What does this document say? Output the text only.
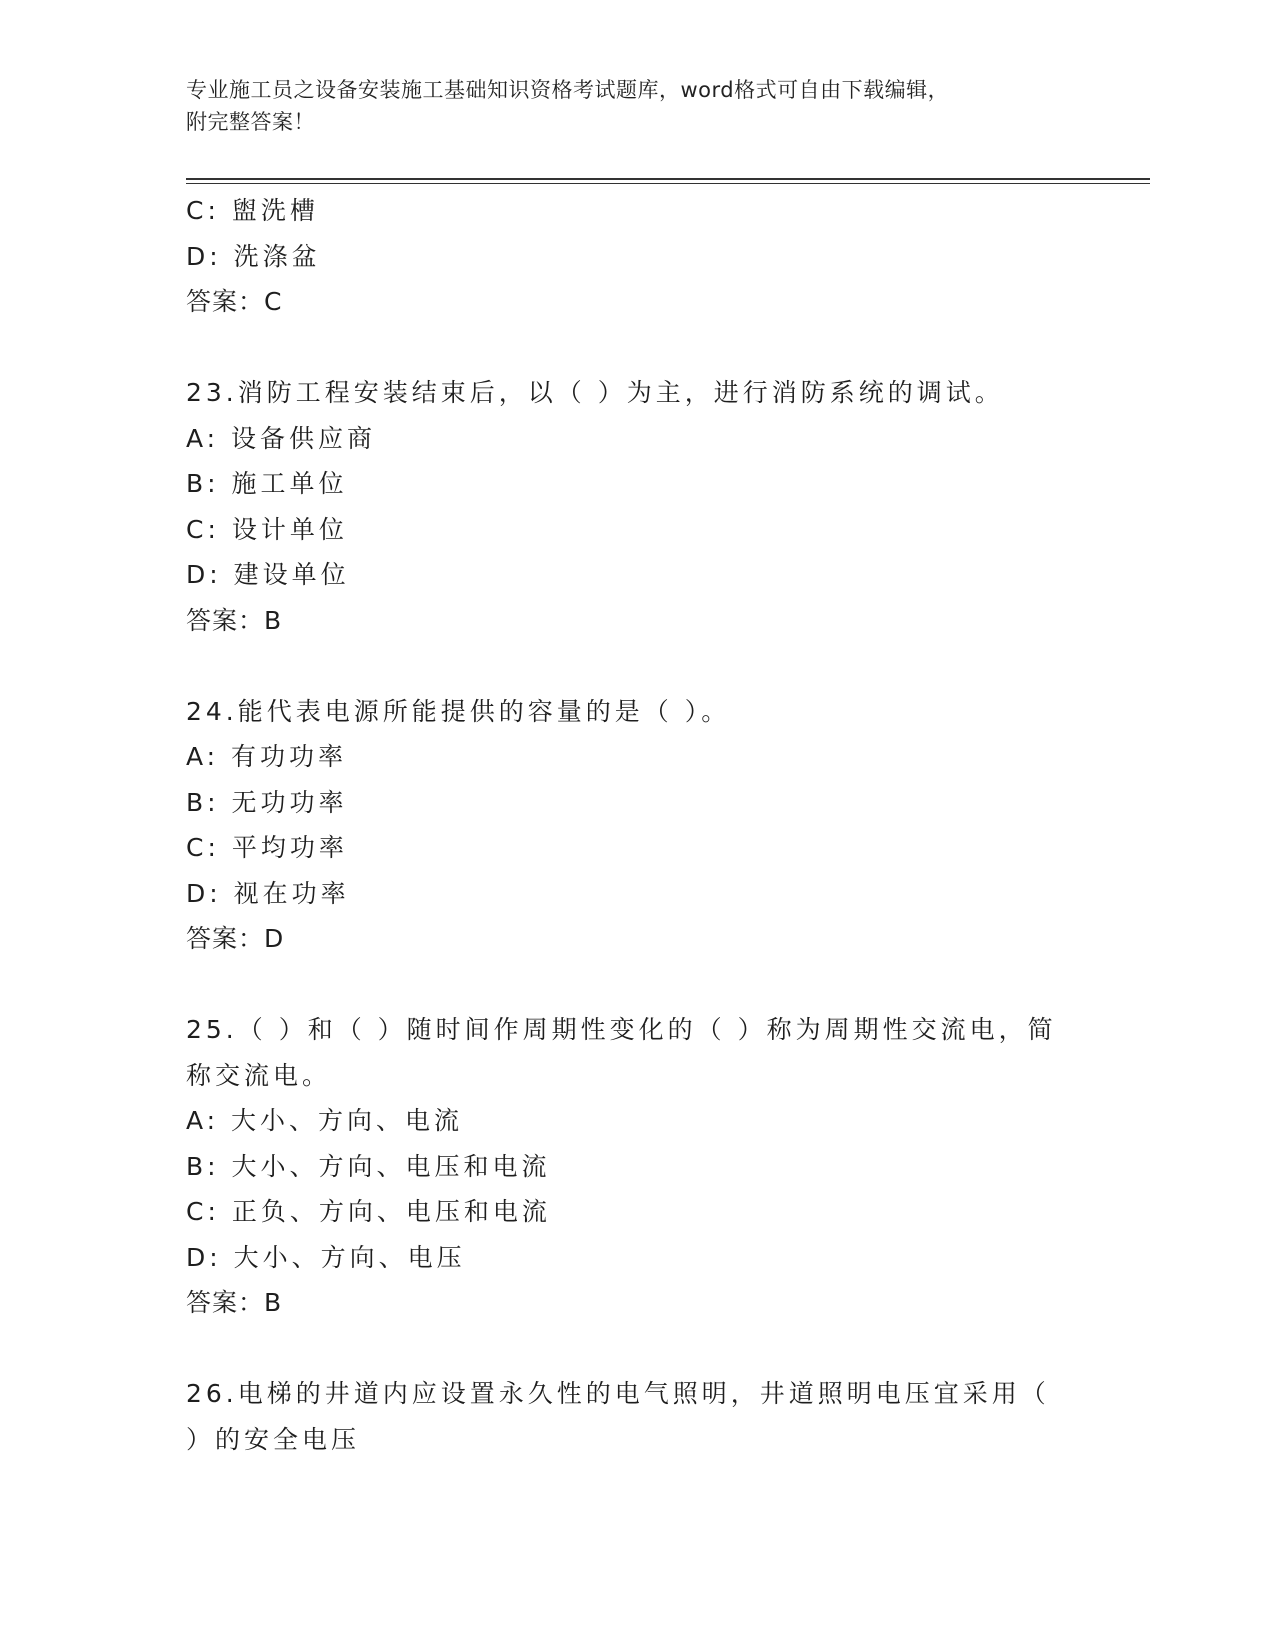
专业施工员之设备安装施工基础知识资格考试题库，word格式可自由下载编辑，
附完整答案！
C: 盥洗槽
D: 洗涤盆
答案：C
23.消防工程安装结束后，以（ ）为主，进行消防系统的调试。
A: 设备供应商
B: 施工单位
C: 设计单位
D: 建设单位
答案：B
24.能代表电源所能提供的容量的是（ ）。
A: 有功功率
B: 无功功率
C: 平均功率
D: 视在功率
答案：D
25.（ ）和（ ）随时间作周期性变化的（ ）称为周期性交流电，简
称交流电。
A: 大小、方向、电流
B: 大小、方向、电压和电流
C: 正负、方向、电压和电流
D: 大小、方向、电压
答案：B
26.电梯的井道内应设置永久性的电气照明，井道照明电压宜采用（
）的安全电压
